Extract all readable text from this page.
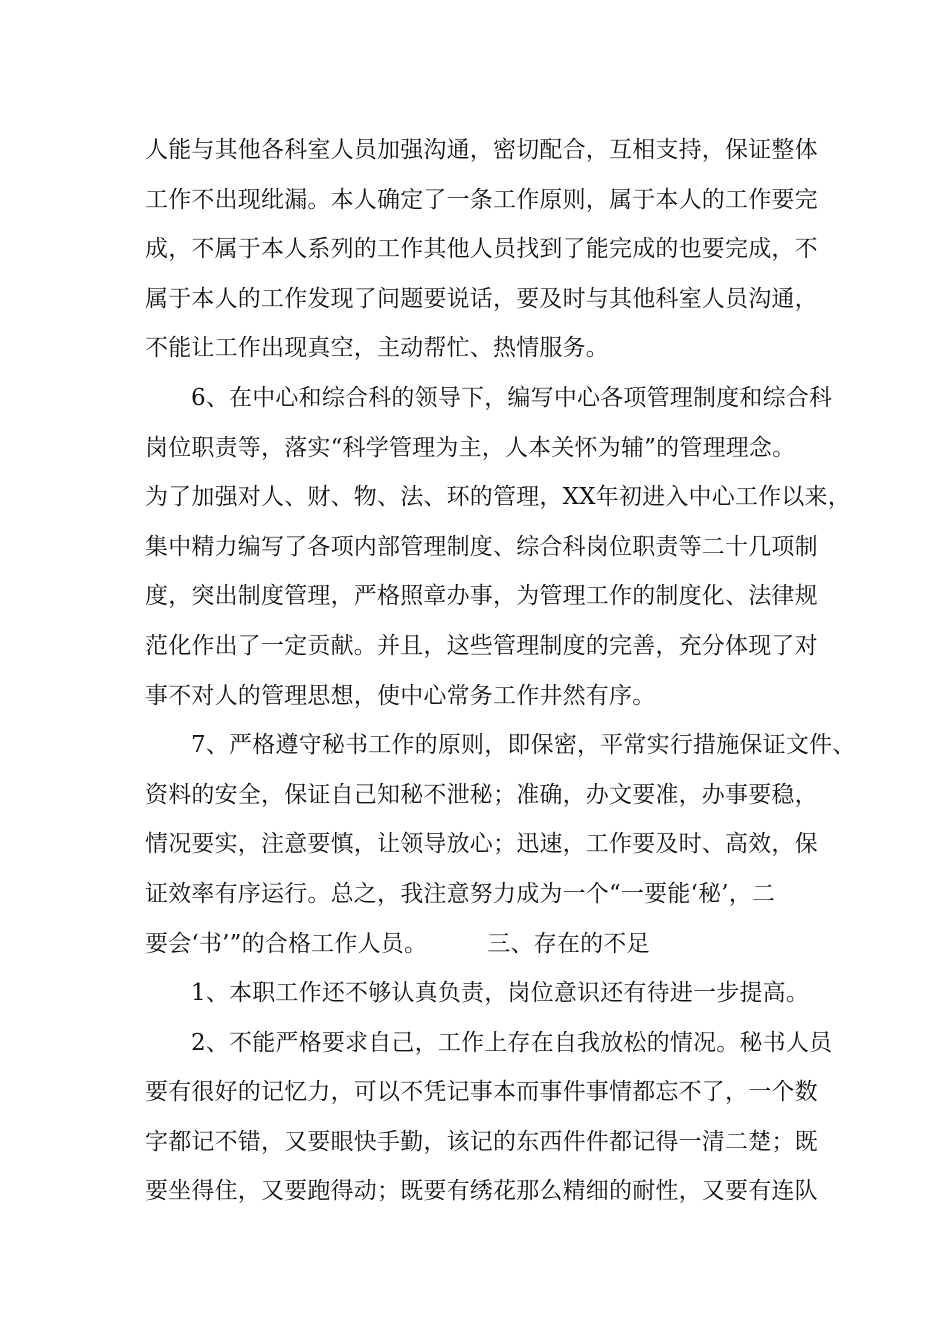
人能与其他各科室人员加强沟通，密切配合，互相支持，保证整体
工作不出现纰漏。本人确定了一条工作原则，属于本人的工作要完
成，不属于本人系列的工作其他人员找到了能完成的也要完成，不
属于本人的工作发现了问题要说话，要及时与其他科室人员沟通，
不能让工作出现真空，主动帮忙、热情服务。
6、在中心和综合科的领导下，编写中心各项管理制度和综合科
岗位职责等，落实“科学管理为主，人本关怀为辅”的管理理念。
为了加强对人、财、物、法、环的管理，XX年初进入中心工作以来，
集中精力编写了各项内部管理制度、综合科岗位职责等二十几项制
度，突出制度管理，严格照章办事，为管理工作的制度化、法律规
范化作出了一定贡献。并且，这些管理制度的完善，充分体现了对
事不对人的管理思想，使中心常务工作井然有序。
7、严格遵守秘书工作的原则，即保密，平常实行措施保证文件、
资料的安全，保证自己知秘不泄秘；准确，办文要准，办事要稳，
情况要实，注意要慎，让领导放心；迅速，工作要及时、高效，保
证效率有序运行。总之，我注意努力成为一个“一要能‘秘’，二
要会‘书’”的合格工作人员。        三、存在的不足
1、本职工作还不够认真负责，岗位意识还有待进一步提高。
2、不能严格要求自己，工作上存在自我放松的情况。秘书人员
要有很好的记忆力，可以不凭记事本而事件事情都忘不了，一个数
字都记不错，又要眼快手勤，该记的东西件件都记得一清二楚；既
要坐得住，又要跑得动；既要有绣花那么精细的耐性，又要有连队
